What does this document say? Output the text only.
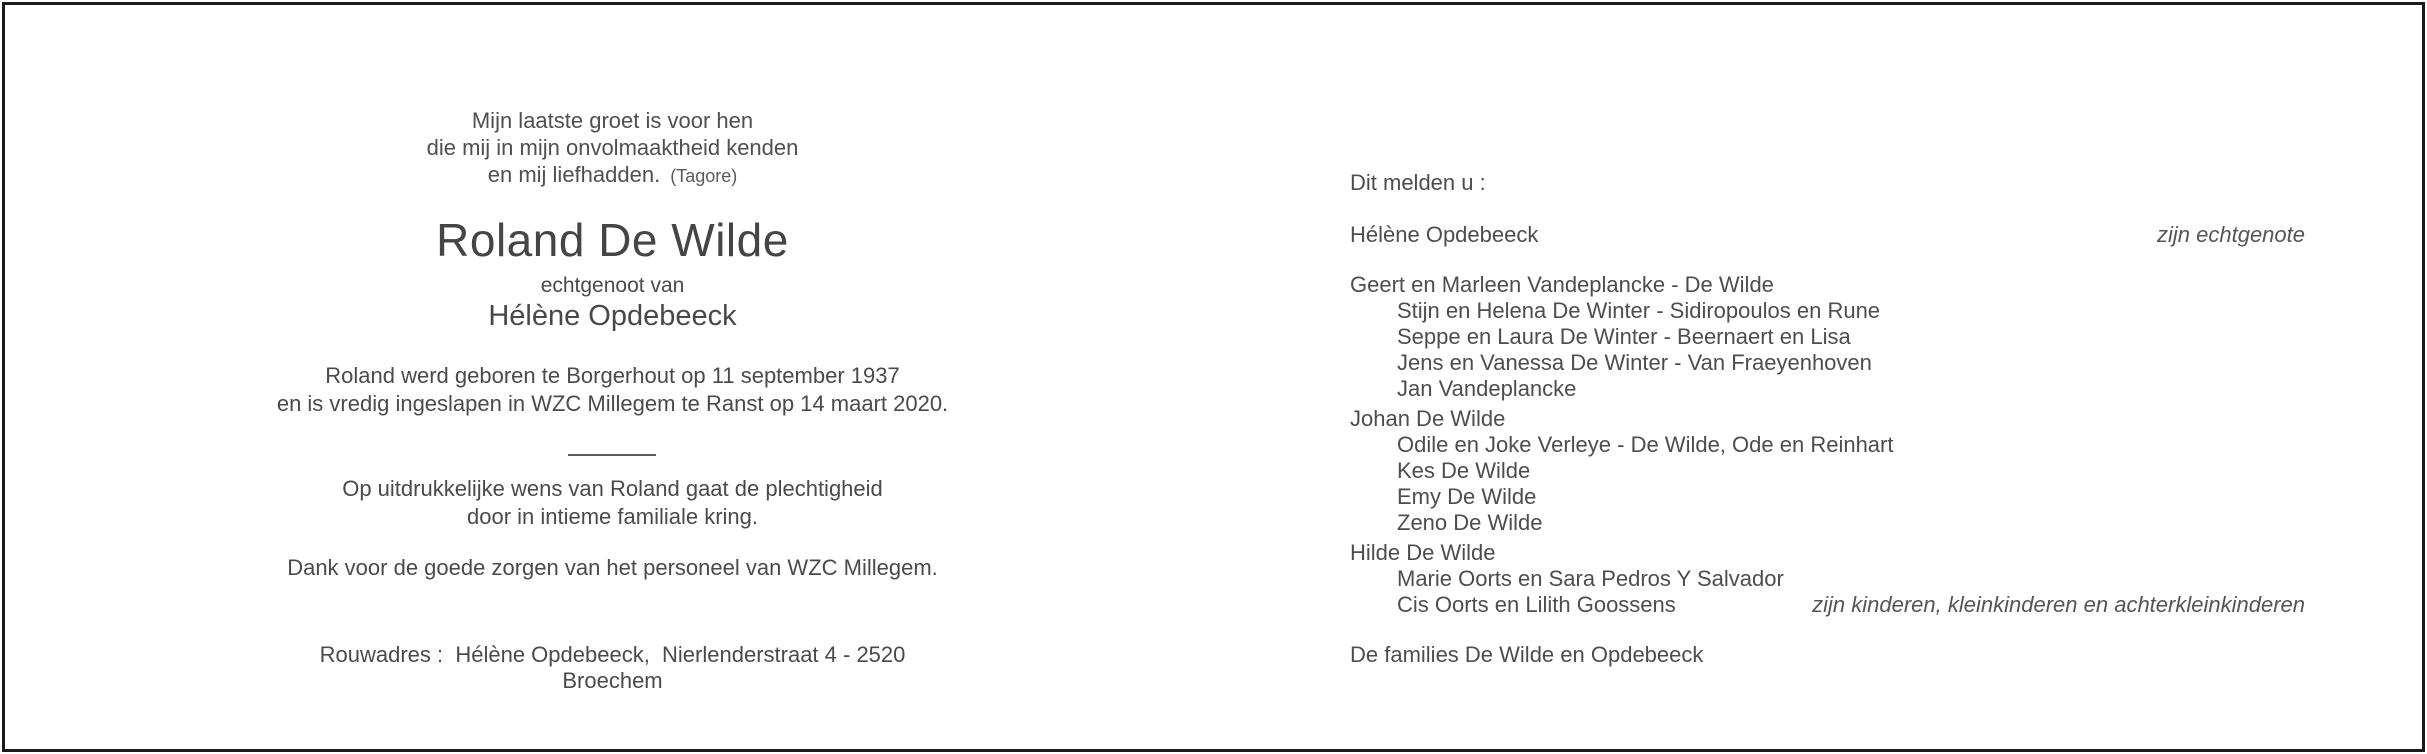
Mijn laatste groet is voor hen
die mij in mijn onvolmaaktheid kenden
en mij liefhadden. (Tagore)
Roland De Wilde
echtgenoot van
Hélène Opdebeeck
Roland werd geboren te Borgerhout op 11 september 1937
en is vredig ingeslapen in WZC Millegem te Ranst op 14 maart 2020.
Op uitdrukkelijke wens van Roland gaat de plechtigheid
door in intieme familiale kring.
Dank voor de goede zorgen van het personeel van WZC Millegem.
Rouwadres :  Hélène Opdebeeck,  Nierlenderstraat 4 - 2520 Broechem
Dit melden u :
Hélène Opdebeeck	zijn echtgenote
Geert en Marleen Vandeplancke - De Wilde
Stijn en Helena De Winter - Sidiropoulos en Rune
Seppe en Laura De Winter - Beernaert en Lisa
Jens en Vanessa De Winter - Van Fraeyenhoven
Jan Vandeplancke
Johan De Wilde
Odile en Joke Verleye - De Wilde, Ode en Reinhart
Kes De Wilde
Emy De Wilde
Zeno De Wilde
Hilde De Wilde
Marie Oorts en Sara Pedros Y Salvador
Cis Oorts en Lilith Goossens	zijn kinderen, kleinkinderen en achterkleinkinderen
De families De Wilde en Opdebeeck
